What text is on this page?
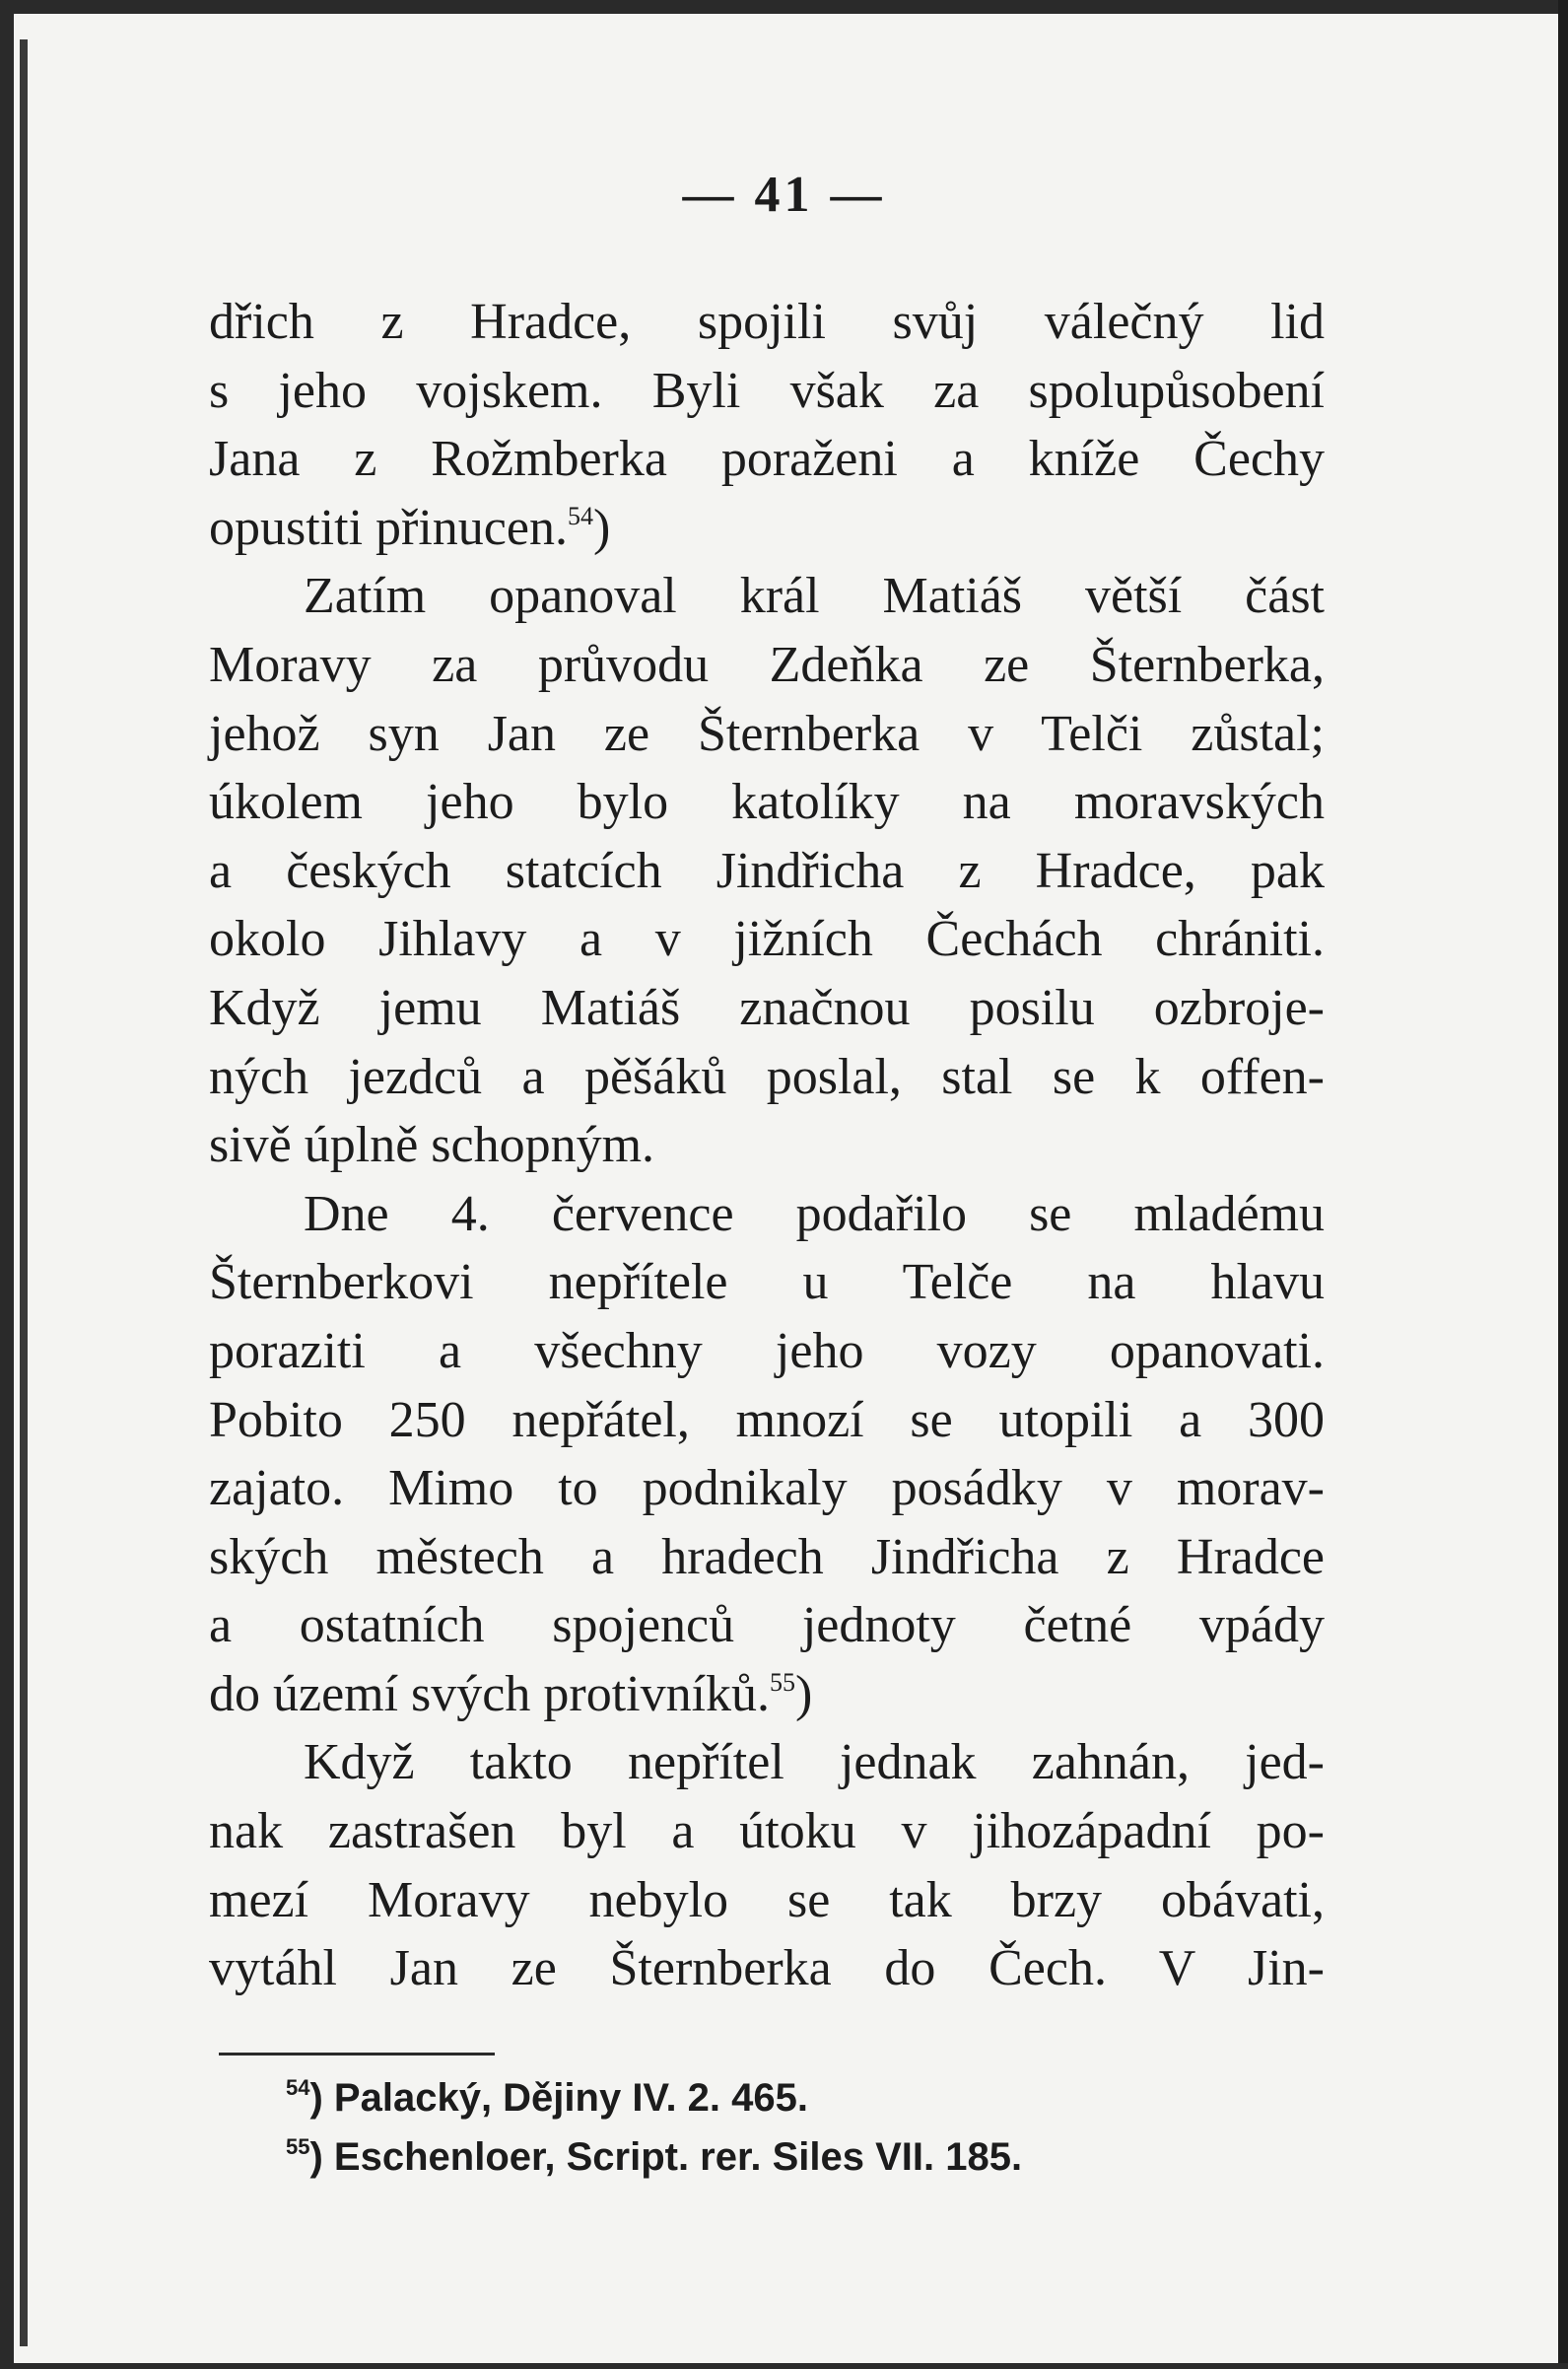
— 41 —
dřich z Hradce, spojili svůj válečný lid
s jeho vojskem. Byli však za spolupůsobení
Jana z Rožmberka poraženi a kníže Čechy
opustiti přinucen.$^{54}$)
Zatím opanoval král Matiáš větší část
Moravy za průvodu Zdeňka ze Šternberka,
jehož syn Jan ze Šternberka v Telči zůstal;
úkolem jeho bylo katolíky na moravských
a českých statcích Jindřicha z Hradce, pak
okolo Jihlavy a v jižních Čechách chrániti.
Když jemu Matiáš značnou posilu ozbroje-
ných jezdců a pěšáků poslal, stal se k offen-
sivě úplně schopným.
Dne 4. července podařilo se mladému
Šternberkovi nepřítele u Telče na hlavu
poraziti a všechny jeho vozy opanovati.
Pobito 250 nepřátel, mnozí se utopili a 300
zajato. Mimo to podnikaly posádky v morav-
ských městech a hradech Jindřicha z Hradce
a ostatních spojenců jednoty četné vpády
do území svých protivníků.$^{55}$)
Když takto nepřítel jednak zahnán, jed-
nak zastrašen byl a útoku v jihozápadní po-
mezí Moravy nebylo se tak brzy obávati,
vytáhl Jan ze Šternberka do Čech. V Jin-
$^{54}$) Palacký, Dějiny IV. 2. 465.
$^{55}$) Eschenloer, Script. rer. Siles VII. 185.
